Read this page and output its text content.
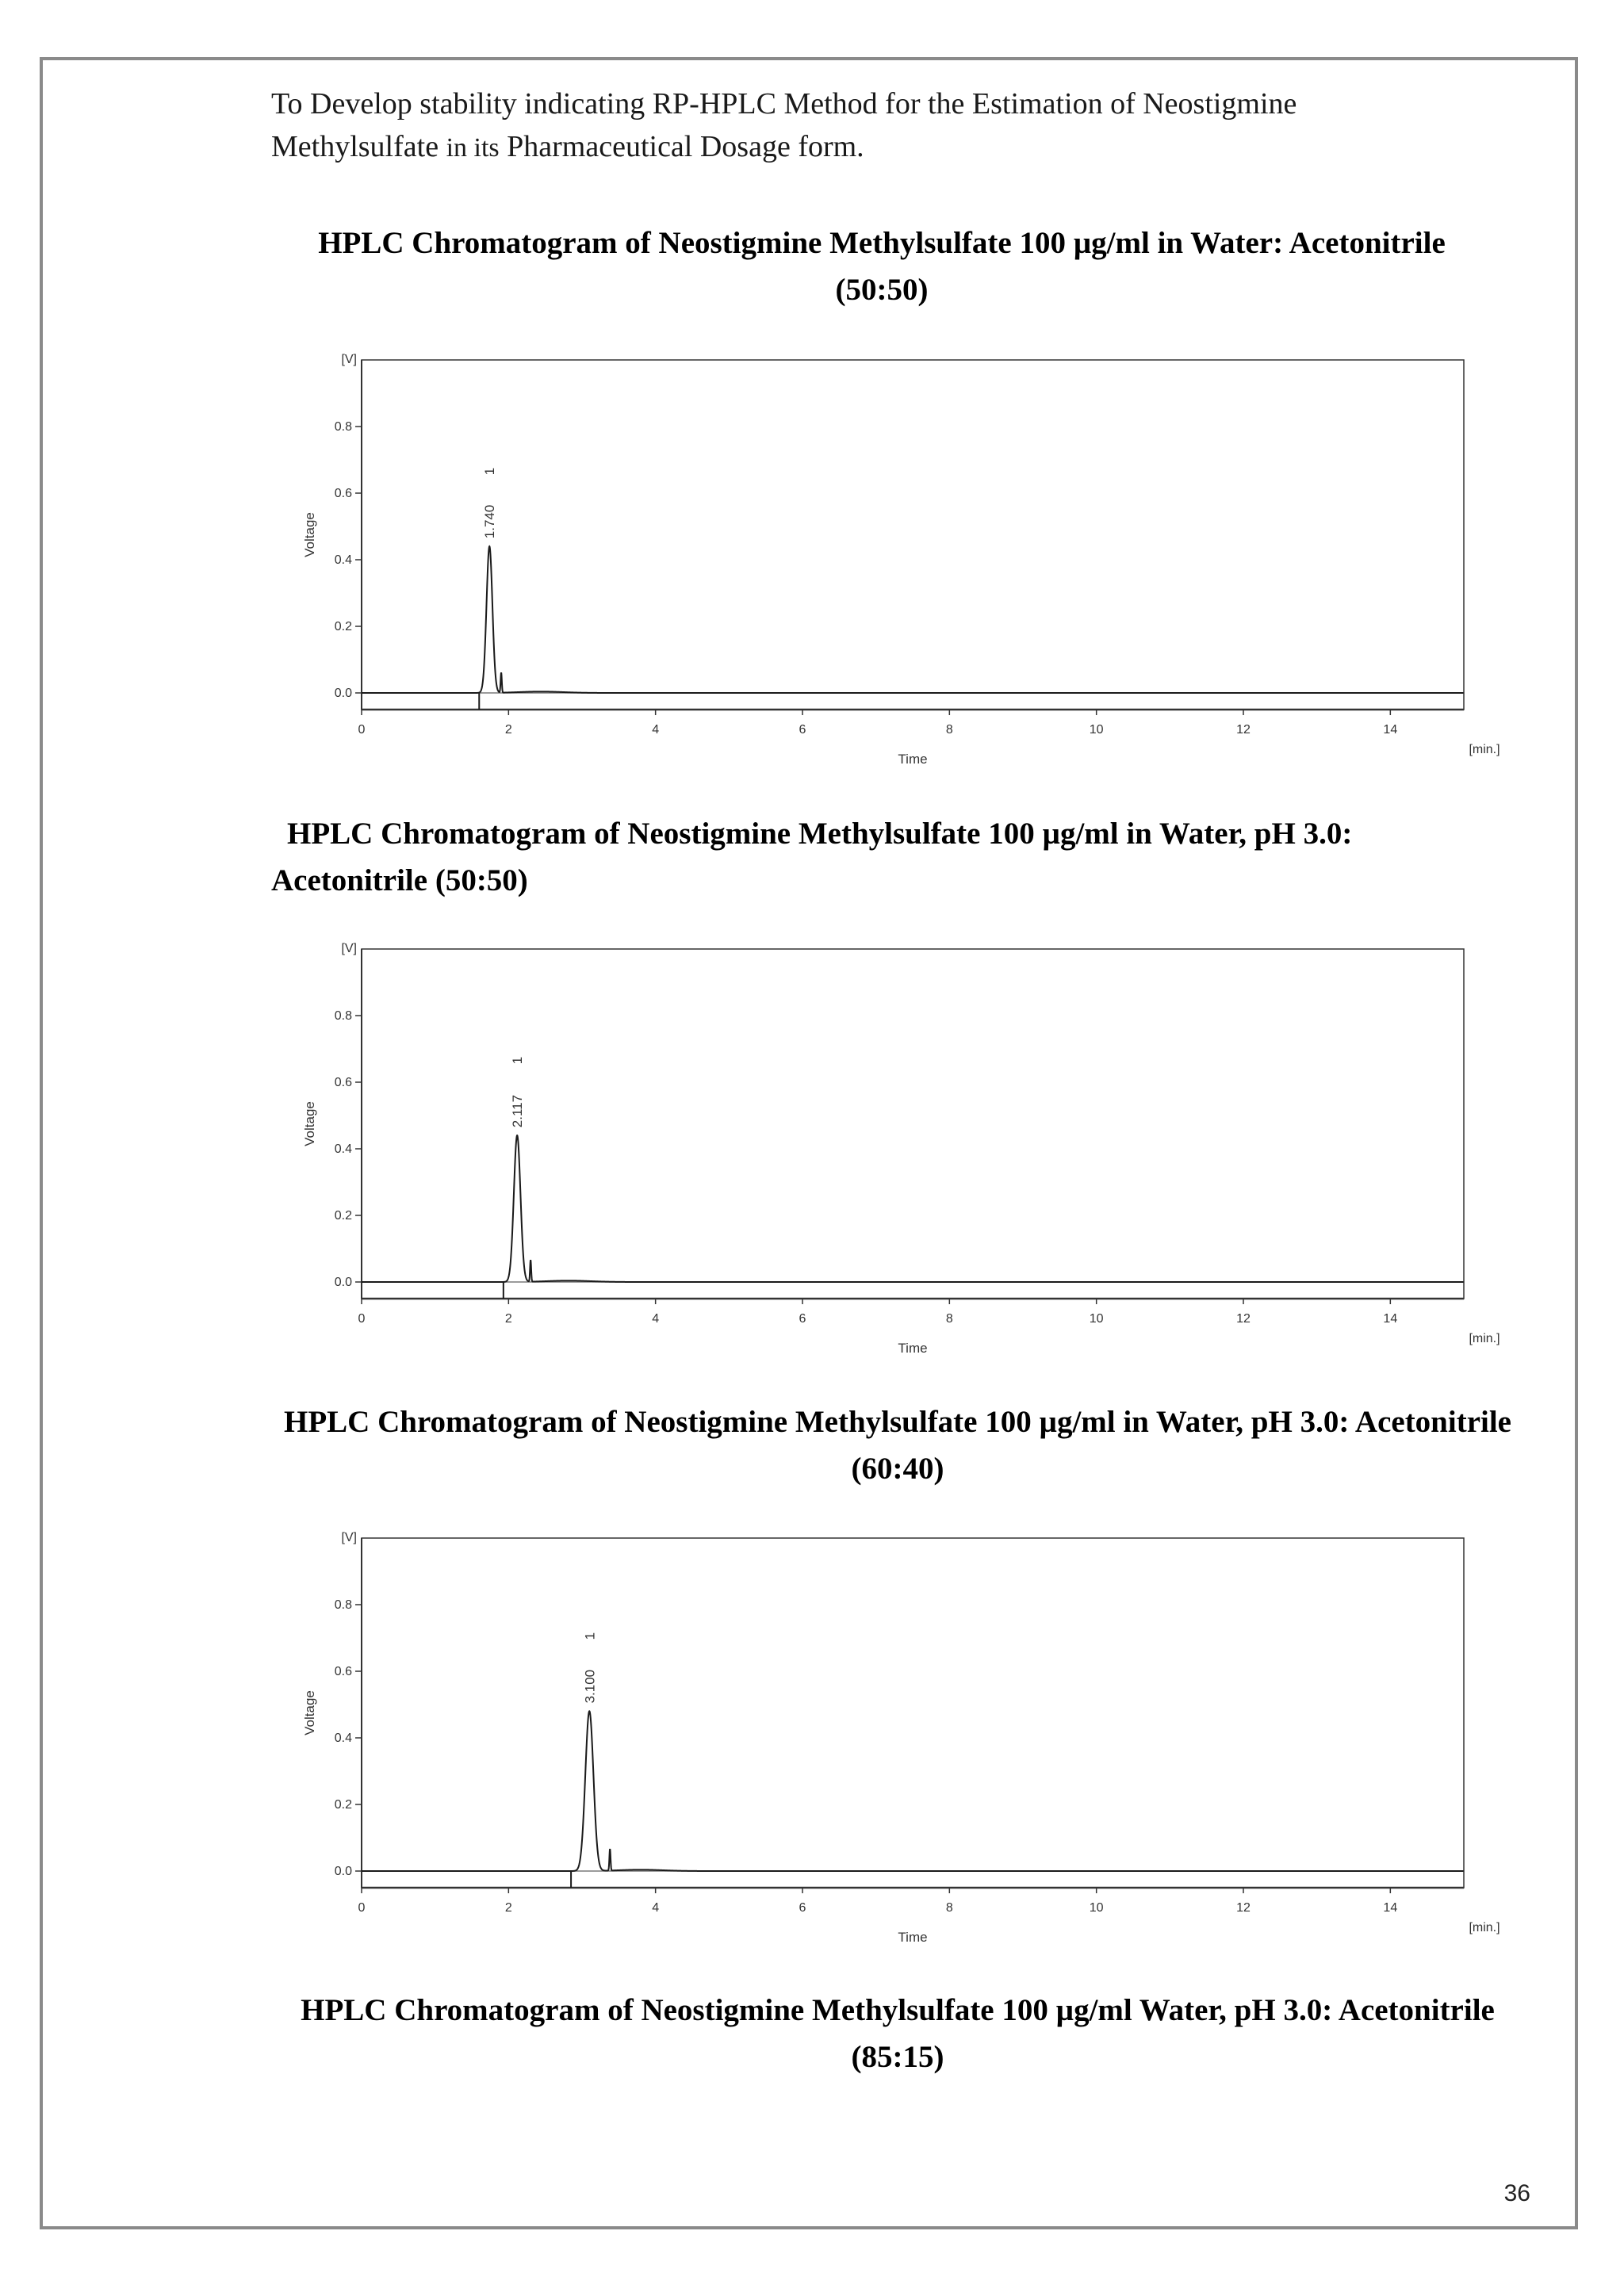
To Develop stability indicating RP-HPLC Method for the Estimation of Neostigmine
Methylsulfate in its Pharmaceutical Dosage form.
HPLC Chromatogram of Neostigmine Methylsulfate 100 µg/ml in Water: Acetonitrile (50:50)
[V]
0.0
0.2
0.4
0.6
0.8
Voltage
0	2	4	6	8	10	12	14
[min.]
Time
1.740
1
HPLC Chromatogram of Neostigmine Methylsulfate 100 µg/ml in Water, pH 3.0: Acetonitrile (50:50)
[V]
0.0
0.2
0.4
0.6
0.8
Voltage
0	2	4	6	8	10	12	14
[min.]
Time
2.117
1
HPLC Chromatogram of Neostigmine Methylsulfate 100 µg/ml in Water, pH 3.0: Acetonitrile (60:40)
[V]
0.0
0.2
0.4
0.6
0.8
Voltage
0	2	4	6	8	10	12	14
[min.]
Time
3.100
1
HPLC Chromatogram of Neostigmine Methylsulfate 100 µg/ml Water, pH 3.0: Acetonitrile (85:15)
36
